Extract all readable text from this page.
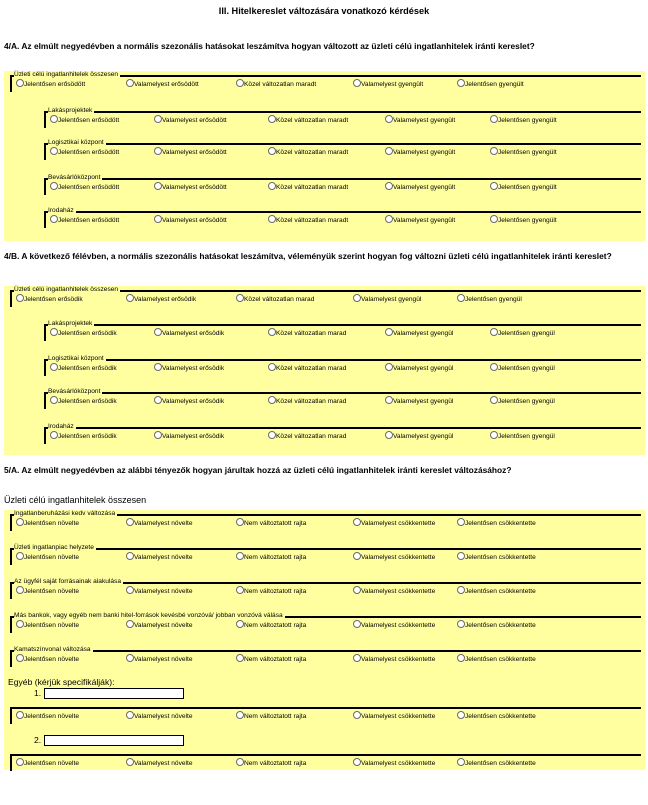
III. Hitelkereslet változására vonatkozó kérdések
4/A. Az elmúlt negyedévben a normális szezonális hatásokat leszámítva hogyan változott az üzleti célú ingatlanhitelek iránti kereslet?
Üzleti célú ingatlanhitelek összesen
Jelentősen erősödött	Valamelyest erősödött	Közel változatlan maradt	Valamelyest gyengült	Jelentősen gyengült
Lakásprojektek
Jelentősen erősödött	Valamelyest erősödött	Közel változatlan maradt	Valamelyest gyengült	Jelentősen gyengült
Logisztikai központ
Jelentősen erősödött	Valamelyest erősödött	Közel változatlan maradt	Valamelyest gyengült	Jelentősen gyengült
Bevásárlóközpont
Jelentősen erősödött	Valamelyest erősödött	Közel változatlan maradt	Valamelyest gyengült	Jelentősen gyengült
Irodaház
Jelentősen erősödött	Valamelyest erősödött	Közel változatlan maradt	Valamelyest gyengült	Jelentősen gyengült
4/B. A következő félévben, a normális szezonális hatásokat leszámítva, véleményük szerint hogyan fog változni üzleti célú ingatlanhitelek iránti kereslet?
Üzleti célú ingatlanhitelek összesen
Jelentősen erősödik	Valamelyest erősödik	Közel változatlan marad	Valamelyest gyengül	Jelentősen gyengül
Lakásprojektek
Jelentősen erősödik	Valamelyest erősödik	Közel változatlan marad	Valamelyest gyengül	Jelentősen gyengül
Logisztikai központ
Jelentősen erősödik	Valamelyest erősödik	Közel változatlan marad	Valamelyest gyengül	Jelentősen gyengül
Bevásárlóközpont
Jelentősen erősödik	Valamelyest erősödik	Közel változatlan marad	Valamelyest gyengül	Jelentősen gyengül
Irodaház
Jelentősen erősödik	Valamelyest erősödik	Közel változatlan marad	Valamelyest gyengül	Jelentősen gyengül
5/A. Az elmúlt negyedévben az alábbi tényezők hogyan járultak hozzá az üzleti célú ingatlanhitelek iránti kereslet változásához?
Üzleti célú ingatlanhitelek összesen
Ingatlanberuházási kedv változása
Jelentősen növelte	Valamelyest növelte	Nem változtatott rajta	Valamelyest csökkentette	Jelentősen csökkentette
Üzleti ingatlanpiac helyzete
Jelentősen növelte	Valamelyest növelte	Nem változtatott rajta	Valamelyest csökkentette	Jelentősen csökkentette
Az ügyfél saját forrásainak alakulása
Jelentősen növelte	Valamelyest növelte	Nem változtatott rajta	Valamelyest csökkentette	Jelentősen csökkentette
Más bankok, vagy egyéb nem banki hitel-források kevésbé vonzóvá/ jobban vonzóvá válása
Jelentősen növelte	Valamelyest növelte	Nem változtatott rajta	Valamelyest csökkentette	Jelentősen csökkentette
Kamatszínvonal változása
Jelentősen növelte	Valamelyest növelte	Nem változtatott rajta	Valamelyest csökkentette	Jelentősen csökkentette
Egyéb (kérjük specifikálják):
1.
Jelentősen növelte	Valamelyest növelte	Nem változtatott rajta	Valamelyest csökkentette	Jelentősen csökkentette
2.
Jelentősen növelte	Valamelyest növelte	Nem változtatott rajta	Valamelyest csökkentette	Jelentősen csökkentette
